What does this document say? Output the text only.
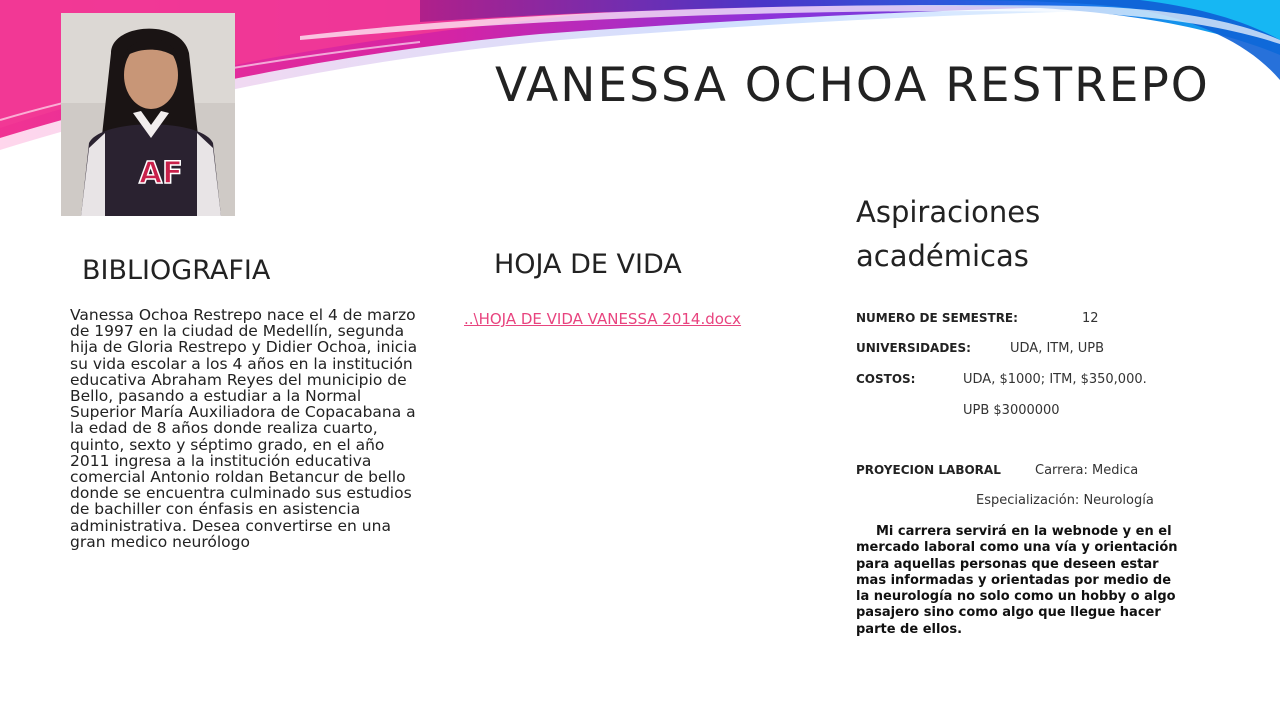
AF
VANESSA OCHOA RESTREPO
BIBLIOGRAFIA	HOJA DE VIDA
Aspiraciones
académicas
Vanessa Ochoa Restrepo nace el 4 de marzo de 1997 en la ciudad de Medellín, segunda hija de Gloria Restrepo y Didier Ochoa, inicia su vida escolar a los 4 años en la institución educativa Abraham Reyes del municipio de Bello, pasando a estudiar a la Normal Superior María Auxiliadora de Copacabana a la edad de 8 años donde realiza cuarto, quinto, sexto y séptimo grado, en el año 2011 ingresa a la institución educativa comercial Antonio roldan Betancur de bello donde se encuentra culminado sus estudios de bachiller con énfasis en asistencia administrativa. Desea convertirse en una gran medico neurólogo
..\HOJA DE VIDA VANESSA 2014.docx	NUMERO DE SEMESTRE:	12
UNIVERSIDADES:	UDA, ITM, UPB
COSTOS:	UDA, $1000; ITM, $350,000.
UPB $3000000
PROYECION LABORAL	Carrera: Medica
Especialización: Neurología
Mi carrera servirá en la webnode y en el mercado laboral como una vía y orientación para aquellas personas que deseen estar mas informadas y orientadas por medio de la neurología no solo como un hobby o algo pasajero sino como algo que llegue hacer parte de ellos.
